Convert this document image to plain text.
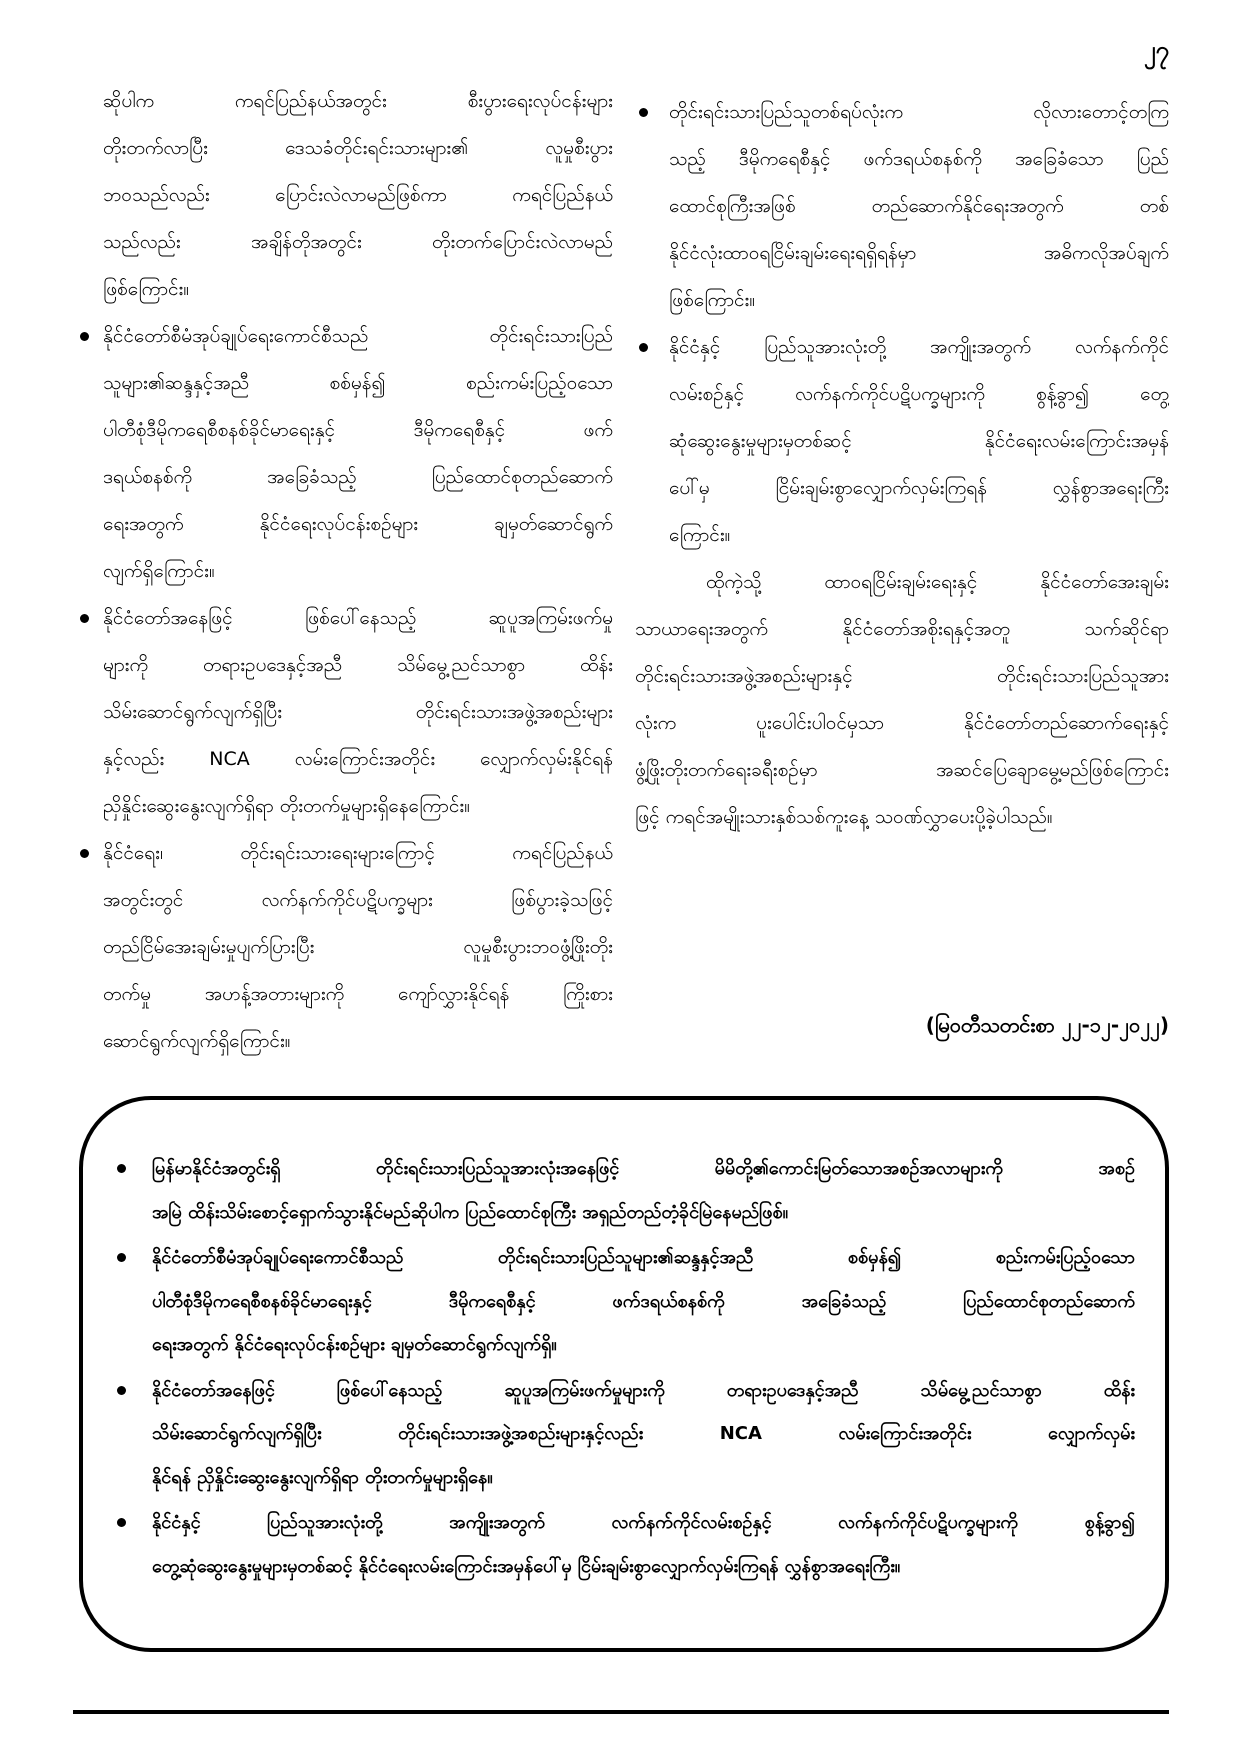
၂၇
ဆိုပါက ကရင်ပြည်နယ်အတွင်း စီးပွားရေးလုပ်ငန်းများ
တိုးတက်လာပြီး ဒေသခံတိုင်းရင်းသားများ၏ လူမှုစီးပွား
ဘဝသည်လည်း ပြောင်းလဲလာမည်ဖြစ်ကာ ကရင်ပြည်နယ်
သည်လည်း အချိန်တိုအတွင်း တိုးတက်ပြောင်းလဲလာမည်
ဖြစ်ကြောင်း။
နိုင်ငံတော်စီမံအုပ်ချုပ်ရေးကောင်စီသည် တိုင်းရင်းသားပြည်
သူများ၏ဆန္ဒနှင့်အညီ စစ်မှန်၍ စည်းကမ်းပြည့်ဝသော
ပါတီစုံဒီမိုကရေစီစနစ်ခိုင်မာရေးနှင့် ဒီမိုကရေစီနှင့် ဖက်
ဒရယ်စနစ်ကို အခြေခံသည့် ပြည်ထောင်စုတည်ဆောက်
ရေးအတွက် နိုင်ငံရေးလုပ်ငန်းစဉ်များ ချမှတ်ဆောင်ရွက်
လျက်ရှိကြောင်း။
နိုင်ငံတော်အနေဖြင့် ဖြစ်ပေါ်နေသည့် ဆူပူအကြမ်းဖက်မှု
များကို တရားဥပဒေနှင့်အညီ သိမ်မွေ့ညင်သာစွာ ထိန်း
သိမ်းဆောင်ရွက်လျက်ရှိပြီး တိုင်းရင်းသားအဖွဲ့အစည်းများ
နှင့်လည်း NCA လမ်းကြောင်းအတိုင်း လျှောက်လှမ်းနိုင်ရန်
ညှိနှိုင်းဆွေးနွေးလျက်ရှိရာ တိုးတက်မှုများရှိနေကြောင်း။
နိုင်ငံရေး၊ တိုင်းရင်းသားရေးများကြောင့် ကရင်ပြည်နယ်
အတွင်းတွင် လက်နက်ကိုင်ပဋိပက္ခများ ဖြစ်ပွားခဲ့သဖြင့်
တည်ငြိမ်အေးချမ်းမှုပျက်ပြားပြီး လူမှုစီးပွားဘဝဖွံ့ဖြိုးတိုး
တက်မှု အဟန့်အတားများကို ကျော်လွှားနိုင်ရန် ကြိုးစား
ဆောင်ရွက်လျက်ရှိကြောင်း။
တိုင်းရင်းသားပြည်သူတစ်ရပ်လုံးက လိုလားတောင့်တကြ
သည့် ဒီမိုကရေစီနှင့် ဖက်ဒရယ်စနစ်ကို အခြေခံသော ပြည်
ထောင်စုကြီးအဖြစ် တည်ဆောက်နိုင်ရေးအတွက် တစ်
နိုင်ငံလုံးထာဝရငြိမ်းချမ်းရေးရရှိရန်မှာ အဓိကလိုအပ်ချက်
ဖြစ်ကြောင်း။
နိုင်ငံနှင့် ပြည်သူအားလုံးတို့ အကျိုးအတွက် လက်နက်ကိုင်
လမ်းစဉ်နှင့် လက်နက်ကိုင်ပဋိပက္ခများကို စွန့်ခွာ၍ တွေ့
ဆုံဆွေးနွေးမှုများမှတစ်ဆင့် နိုင်ငံရေးလမ်းကြောင်းအမှန်
ပေါ်မှ ငြိမ်းချမ်းစွာလျှောက်လှမ်းကြရန် လွှန်စွာအရေးကြီး
ကြောင်း။
ထိုကဲ့သို့ ထာဝရငြိမ်းချမ်းရေးနှင့် နိုင်ငံတော်အေးချမ်း
သာယာရေးအတွက် နိုင်ငံတော်အစိုးရနှင့်အတူ သက်ဆိုင်ရာ
တိုင်းရင်းသားအဖွဲ့အစည်းများနှင့် တိုင်းရင်းသားပြည်သူအား
လုံးက ပူးပေါင်းပါဝင်မှသာ နိုင်ငံတော်တည်ဆောက်ရေးနှင့်
ဖွံ့ဖြိုးတိုးတက်ရေးခရီးစဉ်မှာ အဆင်ပြေချောမွေ့မည်ဖြစ်ကြောင်း
ဖြင့် ကရင်အမျိုးသားနှစ်သစ်ကူးနေ့ သဝဏ်လွှာပေးပို့ခဲ့ပါသည်။
(မြဝတီသတင်းစာ ၂၂-၁၂-၂၀၂၂)
မြန်မာနိုင်ငံအတွင်းရှိ တိုင်းရင်းသားပြည်သူအားလုံးအနေဖြင့် မိမိတို့၏ကောင်းမြတ်သောအစဉ်အလာများကို အစဉ်
အမြဲ ထိန်းသိမ်းစောင့်ရှောက်သွားနိုင်မည်ဆိုပါက ပြည်ထောင်စုကြီး အရှည်တည်တံ့ခိုင်မြဲနေမည်ဖြစ်။
နိုင်ငံတော်စီမံအုပ်ချုပ်ရေးကောင်စီသည် တိုင်းရင်းသားပြည်သူများ၏ဆန္ဒနှင့်အညီ စစ်မှန်၍ စည်းကမ်းပြည့်ဝသော
ပါတီစုံဒီမိုကရေစီစနစ်ခိုင်မာရေးနှင့် ဒီမိုကရေစီနှင့် ဖက်ဒရယ်စနစ်ကို အခြေခံသည့် ပြည်ထောင်စုတည်ဆောက်
ရေးအတွက် နိုင်ငံရေးလုပ်ငန်းစဉ်များ ချမှတ်ဆောင်ရွက်လျက်ရှိ။
နိုင်ငံတော်အနေဖြင့် ဖြစ်ပေါ်နေသည့် ဆူပူအကြမ်းဖက်မှုများကို တရားဥပဒေနှင့်အညီ သိမ်မွေ့ညင်သာစွာ ထိန်း
သိမ်းဆောင်ရွက်လျက်ရှိပြီး တိုင်းရင်းသားအဖွဲ့အစည်းများနှင့်လည်း NCA လမ်းကြောင်းအတိုင်း လျှောက်လှမ်း
နိုင်ရန် ညှိနှိုင်းဆွေးနွေးလျက်ရှိရာ တိုးတက်မှုများရှိနေ။
နိုင်ငံနှင့် ပြည်သူအားလုံးတို့ အကျိုးအတွက် လက်နက်ကိုင်လမ်းစဉ်နှင့် လက်နက်ကိုင်ပဋိပက္ခများကို စွန့်ခွာ၍
တွေ့ဆုံဆွေးနွေးမှုများမှတစ်ဆင့် နိုင်ငံရေးလမ်းကြောင်းအမှန်ပေါ်မှ ငြိမ်းချမ်းစွာလျှောက်လှမ်းကြရန် လွှန်စွာအရေးကြီး။
